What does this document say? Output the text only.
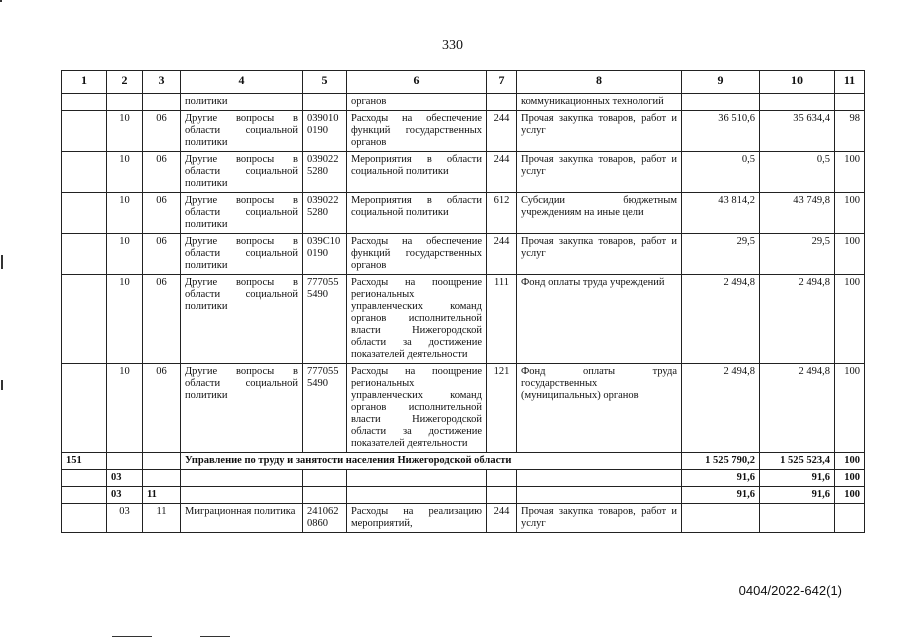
330
1	2	3	4	5	6	7	8	9	10	11
			политики		органов		коммуникационных технологий			
	10	06	Другие вопросы в области социальной политики	039010 0190	Расходы на обеспечение функций государственных органов	244	Прочая закупка товаров, работ и услуг	36 510,6	35 634,4	98
	10	06	Другие вопросы в области социальной политики	039022 5280	Мероприятия в области социальной политики	244	Прочая закупка товаров, работ и услуг	0,5	0,5	100
	10	06	Другие вопросы в области социальной политики	039022 5280	Мероприятия в области социальной политики	612	Субсидии бюджетным учреждениям на иные цели	43 814,2	43 749,8	100
	10	06	Другие вопросы в области социальной политики	039С10 0190	Расходы на обеспечение функций государственных органов	244	Прочая закупка товаров, работ и услуг	29,5	29,5	100
	10	06	Другие вопросы в области социальной политики	777055 5490	Расходы на поощрение региональных управленческих команд органов исполнительной власти Нижегородской области за достижение показателей деятельности	111	Фонд оплаты труда учреждений	2 494,8	2 494,8	100
	10	06	Другие вопросы в области социальной политики	777055 5490	Расходы на поощрение региональных управленческих команд органов исполнительной власти Нижегородской области за достижение показателей деятельности	121	Фонд оплаты труда государственных (муниципальных) органов	2 494,8	2 494,8	100
151			Управление по труду и занятости населения Нижегородской области					1 525 790,2	1 525 523,4	100
	03							91,6	91,6	100
	03	11						91,6	91,6	100
	03	11	Миграционная политика	241062 0860	Расходы на реализацию мероприятий,	244	Прочая закупка товаров, работ и услуг			
0404/2022-642(1)
